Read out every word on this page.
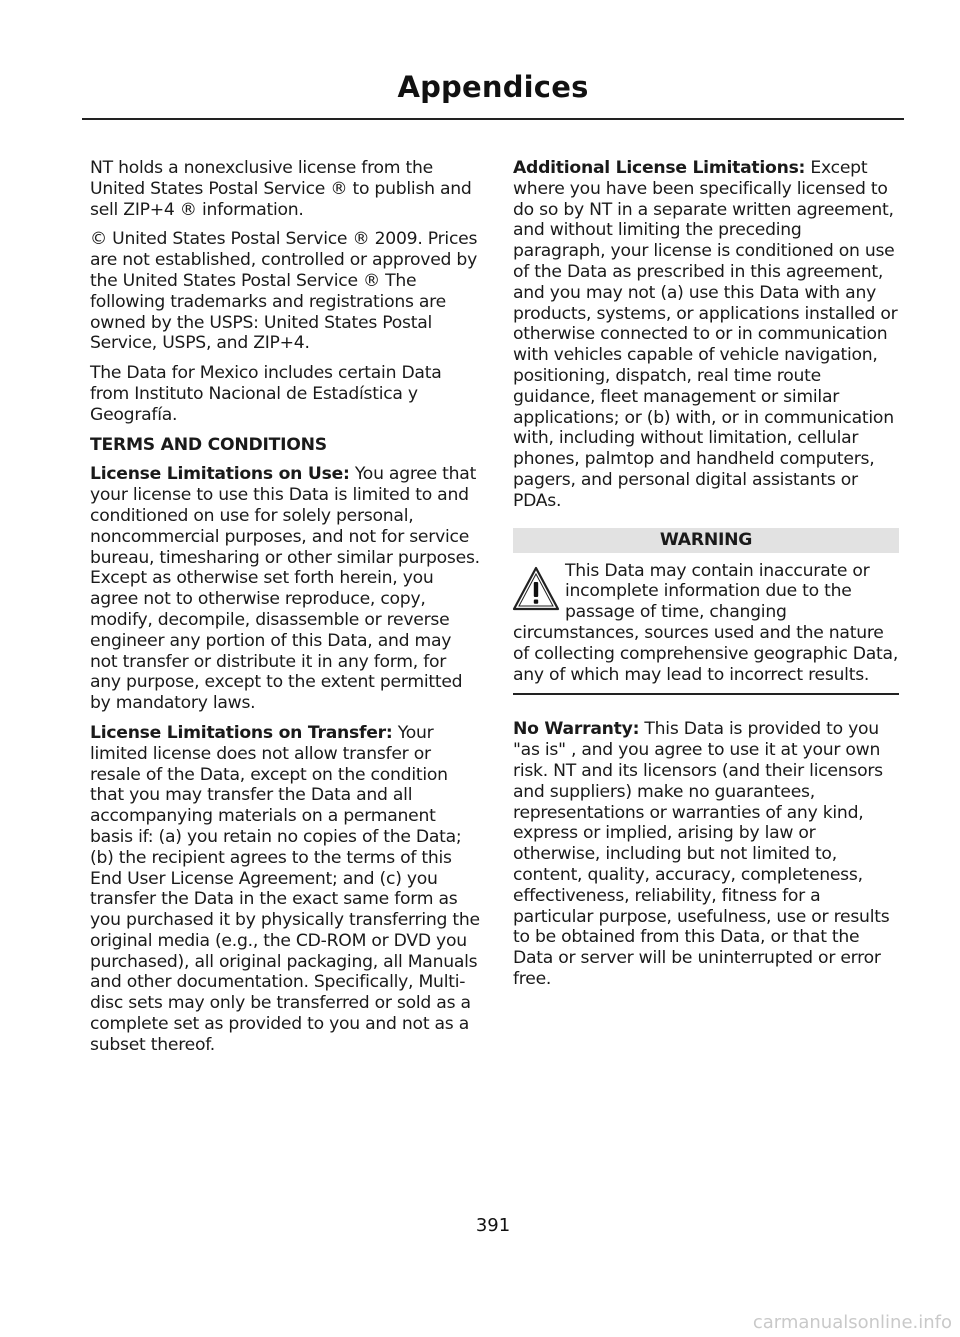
Appendices

NT holds a nonexclusive license from the United States Postal Service ® to publish and sell ZIP+4 ® information.

© United States Postal Service ® 2009. Prices are not established, controlled or approved by the United States Postal Service ® The following trademarks and registrations are owned by the USPS: United States Postal Service, USPS, and ZIP+4.

The Data for Mexico includes certain Data from Instituto Nacional de Estadística y Geografía.

TERMS AND CONDITIONS

License Limitations on Use: You agree that your license to use this Data is limited to and conditioned on use for solely personal, noncommercial purposes, and not for service bureau, timesharing or other similar purposes. Except as otherwise set forth herein, you agree not to otherwise reproduce, copy, modify, decompile, disassemble or reverse engineer any portion of this Data, and may not transfer or distribute it in any form, for any purpose, except to the extent permitted by mandatory laws.

License Limitations on Transfer: Your limited license does not allow transfer or resale of the Data, except on the condition that you may transfer the Data and all accompanying materials on a permanent basis if: (a) you retain no copies of the Data; (b) the recipient agrees to the terms of this End User License Agreement; and (c) you transfer the Data in the exact same form as you purchased it by physically transferring the original media (e.g., the CD-ROM or DVD you purchased), all original packaging, all Manuals and other documentation. Specifically, Multi-disc sets may only be transferred or sold as a complete set as provided to you and not as a subset thereof.

Additional License Limitations: Except where you have been specifically licensed to do so by NT in a separate written agreement, and without limiting the preceding paragraph, your license is conditioned on use of the Data as prescribed in this agreement, and you may not (a) use this Data with any products, systems, or applications installed or otherwise connected to or in communication with vehicles capable of vehicle navigation, positioning, dispatch, real time route guidance, fleet management or similar applications; or (b) with, or in communication with, including without limitation, cellular phones, palmtop and handheld computers, pagers, and personal digital assistants or PDAs.

WARNING
This Data may contain inaccurate or incomplete information due to the passage of time, changing circumstances, sources used and the nature of collecting comprehensive geographic Data, any of which may lead to incorrect results.

No Warranty: This Data is provided to you "as is" , and you agree to use it at your own risk. NT and its licensors (and their licensors and suppliers) make no guarantees, representations or warranties of any kind, express or implied, arising by law or otherwise, including but not limited to, content, quality, accuracy, completeness, effectiveness, reliability, fitness for a particular purpose, usefulness, use or results to be obtained from this Data, or that the Data or server will be uninterrupted or error free.

391
carmanualsonline.info
